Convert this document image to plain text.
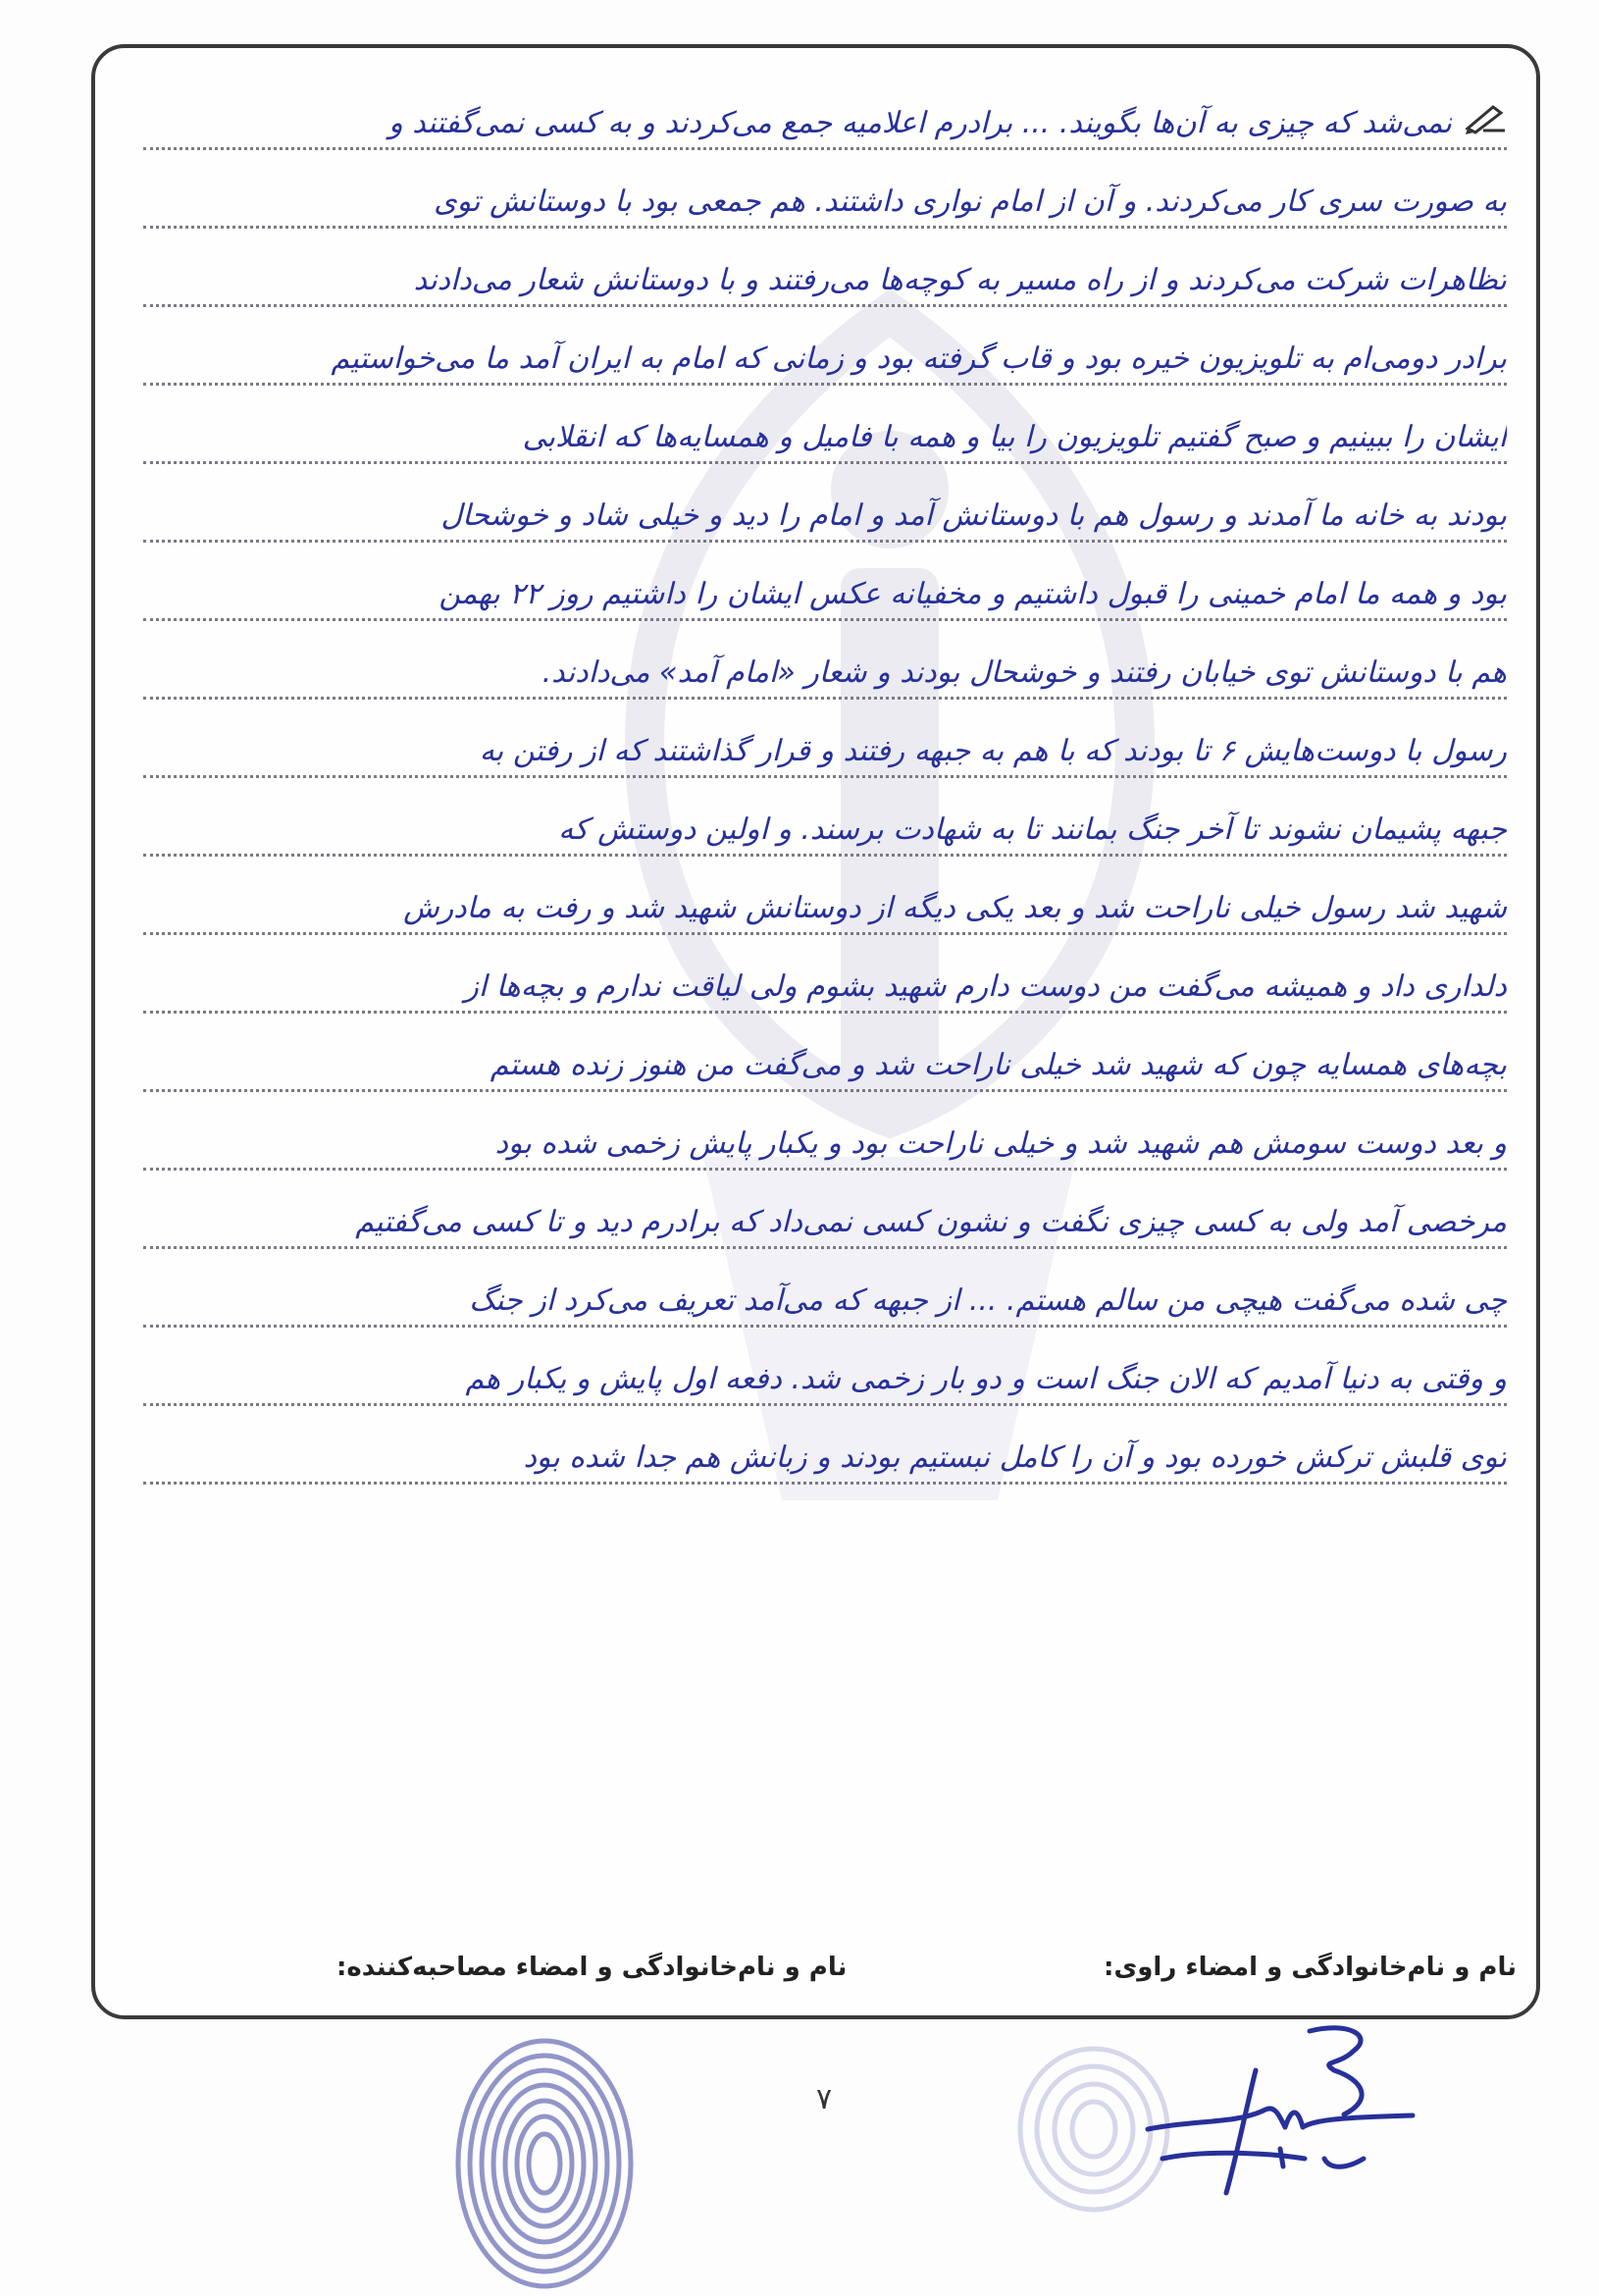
نمی‌شد که چیزی به آن‌ها بگویند. ... برادرم اعلامیه جمع می‌کردند و به کسی نمی‌گفتند و
به صورت سری کار می‌کردند. و آن از امام نواری داشتند. هم جمعی بود با دوستانش توی
تظاهرات شرکت می‌کردند و از راه مسیر به کوچه‌ها می‌رفتند و با دوستانش شعار می‌دادند
برادر دومی‌ام به تلویزیون خیره بود و قاب گرفته بود و زمانی که امام به ایران آمد ما می‌خواستیم
ایشان را ببینیم و صبح گفتیم تلویزیون را بیا و همه با فامیل و همسایه‌ها که انقلابی
بودند به خانه ما آمدند و رسول هم با دوستانش آمد و امام را دید و خیلی شاد و خوشحال
بود و همه ما امام خمینی را قبول داشتیم و مخفیانه عکس ایشان را داشتیم روز ۲۲ بهمن
هم با دوستانش توی خیابان رفتند و خوشحال بودند و شعار «امام آمد» می‌دادند.
رسول با دوست‌هایش ۶ تا بودند که با هم به جبهه رفتند و قرار گذاشتند که از رفتن به
جبهه پشیمان نشوند تا آخر جنگ بمانند تا به شهادت برسند. و اولین دوستش که
شهید شد رسول خیلی ناراحت شد و بعد یکی دیگه از دوستانش شهید شد و رفت به مادرش
دلداری داد و همیشه می‌گفت من دوست دارم شهید بشوم ولی لیاقت ندارم و بچه‌ها از
بچه‌های همسایه چون که شهید شد خیلی ناراحت شد و می‌گفت من هنوز زنده هستم
و بعد دوست سومش هم شهید شد و خیلی ناراحت بود و یکبار پایش زخمی شده بود
مرخصی آمد ولی به کسی چیزی نگفت و نشون کسی نمی‌داد که برادرم دید و تا کسی می‌گفتیم
چی شده می‌گفت هیچی من سالم هستم. ... از جبهه که می‌آمد تعریف می‌کرد از جنگ
و وقتی به دنیا آمدیم که الان جنگ است و دو بار زخمی شد. دفعه اول پایش و یکبار هم
توی قلبش ترکش خورده بود و آن را کامل نبستیم بودند و زبانش هم جدا شده بود
نام و نام‌خانوادگی و امضاء راوی:
نام و نام‌خانوادگی و امضاء مصاحبه‌کننده:
۷
